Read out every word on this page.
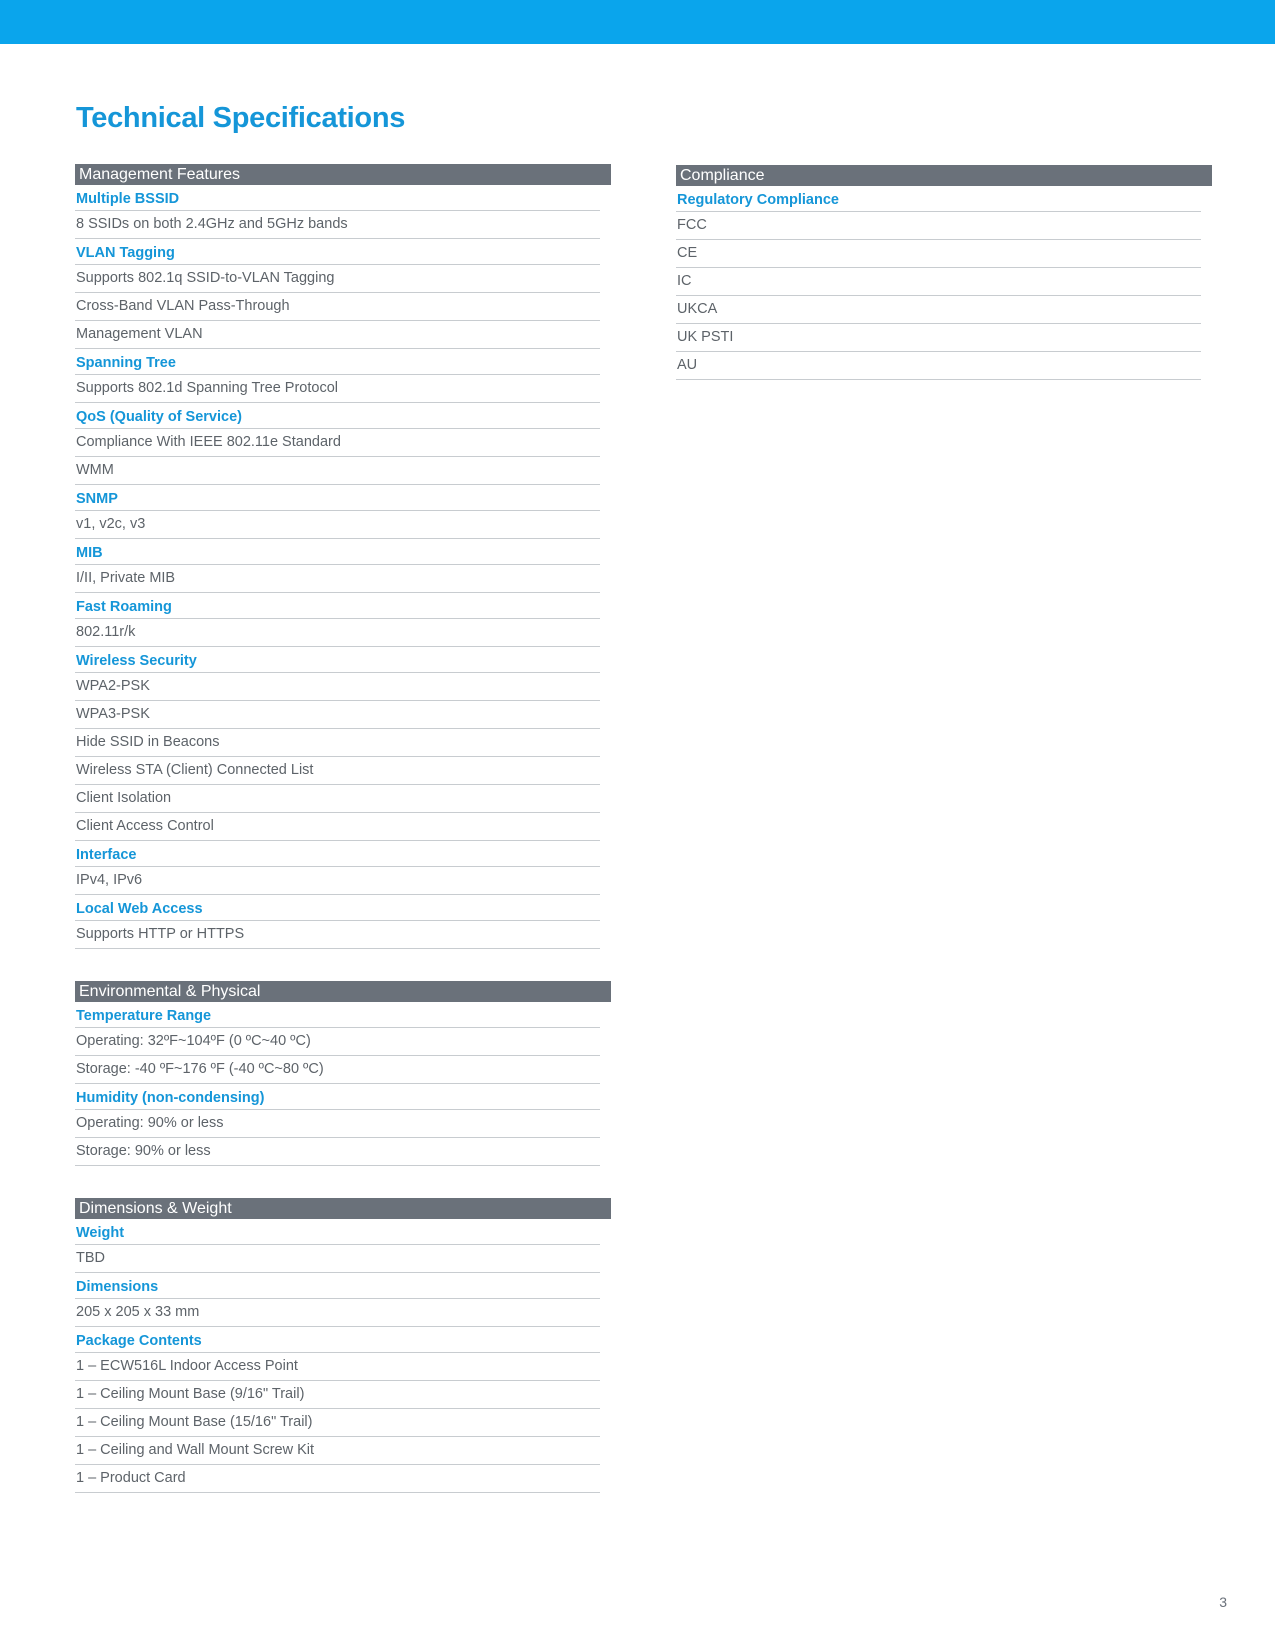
Technical Specifications
Management Features
Multiple BSSID
8 SSIDs on both 2.4GHz and 5GHz bands
VLAN Tagging
Supports 802.1q SSID-to-VLAN Tagging
Cross-Band VLAN Pass-Through
Management VLAN
Spanning Tree
Supports 802.1d Spanning Tree Protocol
QoS (Quality of Service)
Compliance With IEEE 802.11e Standard
WMM
SNMP
v1, v2c, v3
MIB
I/II, Private MIB
Fast Roaming
802.11r/k
Wireless Security
WPA2-PSK
WPA3-PSK
Hide SSID in Beacons
Wireless STA (Client) Connected List
Client Isolation
Client Access Control
Interface
IPv4, IPv6
Local Web Access
Supports HTTP or HTTPS
Environmental & Physical
Temperature Range
Operating: 32ºF~104ºF (0 ºC~40 ºC)
Storage: -40 ºF~176 ºF (-40 ºC~80 ºC)
Humidity (non-condensing)
Operating: 90% or less
Storage: 90% or less
Dimensions & Weight
Weight
TBD
Dimensions
205 x 205 x 33 mm
Package Contents
1 – ECW516L Indoor Access Point
1 – Ceiling Mount Base (9/16" Trail)
1 – Ceiling Mount Base (15/16" Trail)
1 – Ceiling and Wall Mount Screw Kit
1 – Product Card
Compliance
Regulatory Compliance
FCC
CE
IC
UKCA
UK PSTI
AU
3
